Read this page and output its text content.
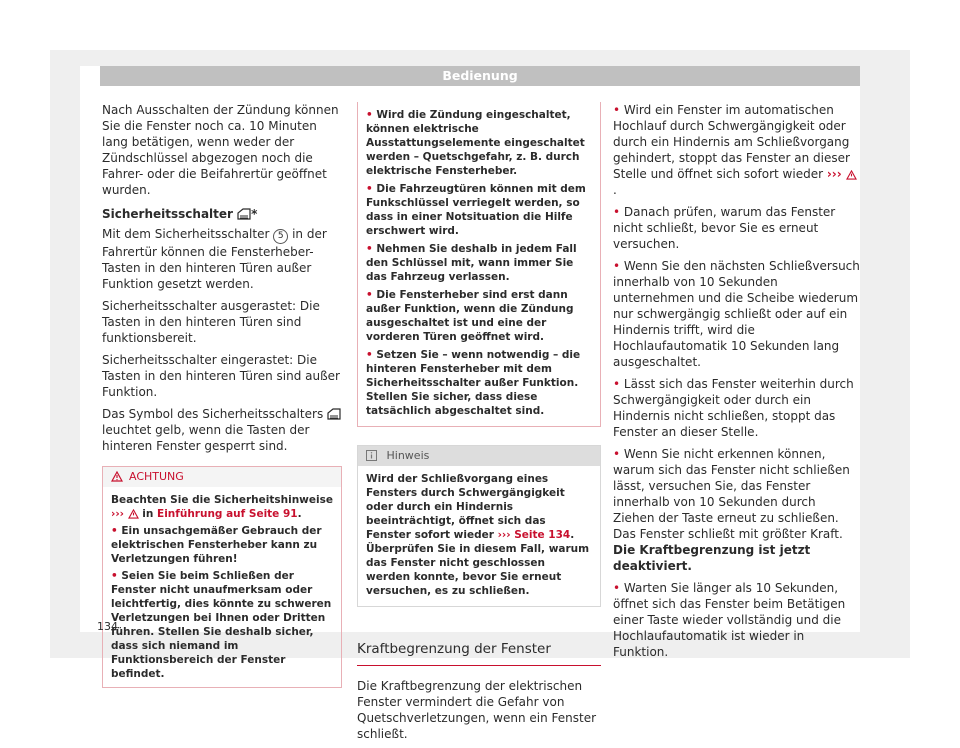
Bedienung

Nach Ausschalten der Zündung können Sie die Fenster noch ca. 10 Minuten lang betätigen, wenn weder der Zündschlüssel abgezogen noch die Fahrer- oder die Beifahrertür geöffnet wurden.

Sicherheitsschalter *

Mit dem Sicherheitsschalter 5 in der Fahrertür können die Fensterheber-Tasten in den hinteren Türen außer Funktion gesetzt werden.

Sicherheitsschalter ausgerastet: Die Tasten in den hinteren Türen sind funktionsbereit.

Sicherheitsschalter eingerastet: Die Tasten in den hinteren Türen sind außer Funktion.

Das Symbol des Sicherheitsschalters  leuchtet gelb, wenn die Tasten der hinteren Fenster gesperrt sind.

ACHTUNG
Beachten Sie die Sicherheitshinweise ››› in Einführung auf Seite 91.
• Ein unsachgemäßer Gebrauch der elektrischen Fensterheber kann zu Verletzungen führen!
• Seien Sie beim Schließen der Fenster nicht unaufmerksam oder leichtfertig, dies könnte zu schweren Verletzungen bei Ihnen oder Dritten führen. Stellen Sie deshalb sicher, dass sich niemand im Funktionsbereich der Fenster befindet.
• Wird die Zündung eingeschaltet, können elektrische Ausstattungselemente eingeschaltet werden – Quetschgefahr, z. B. durch elektrische Fensterheber.
• Die Fahrzeugtüren können mit dem Funkschlüssel verriegelt werden, so dass in einer Notsituation die Hilfe erschwert wird.
• Nehmen Sie deshalb in jedem Fall den Schlüssel mit, wann immer Sie das Fahrzeug verlassen.
• Die Fensterheber sind erst dann außer Funktion, wenn die Zündung ausgeschaltet ist und eine der vorderen Türen geöffnet wird.
• Setzen Sie – wenn notwendig – die hinteren Fensterheber mit dem Sicherheitsschalter außer Funktion. Stellen Sie sicher, dass diese tatsächlich abgeschaltet sind.
Hinweis
Wird der Schließvorgang eines Fensters durch Schwergängigkeit oder durch ein Hindernis beeinträchtigt, öffnet sich das Fenster sofort wieder ››› Seite 134. Überprüfen Sie in diesem Fall, warum das Fenster nicht geschlossen werden konnte, bevor Sie erneut versuchen, es zu schließen.
Kraftbegrenzung der Fenster

Die Kraftbegrenzung der elektrischen Fenster vermindert die Gefahr von Quetschverletzungen, wenn ein Fenster schließt.

• Wird ein Fenster im automatischen Hochlauf durch Schwergängigkeit oder durch ein Hindernis am Schließvorgang gehindert, stoppt das Fenster an dieser Stelle und öffnet sich sofort wieder ››› .

• Danach prüfen, warum das Fenster nicht schließt, bevor Sie es erneut versuchen.

• Wenn Sie den nächsten Schließversuch innerhalb von 10 Sekunden unternehmen und die Scheibe wiederum nur schwergängig schließt oder auf ein Hindernis trifft, wird die Hochlaufautomatik 10 Sekunden lang ausgeschaltet.

• Lässt sich das Fenster weiterhin durch Schwergängigkeit oder durch ein Hindernis nicht schließen, stoppt das Fenster an dieser Stelle.

• Wenn Sie nicht erkennen können, warum sich das Fenster nicht schließen lässt, versuchen Sie, das Fenster innerhalb von 10 Sekunden durch Ziehen der Taste erneut zu schließen. Das Fenster schließt mit größter Kraft. Die Kraftbegrenzung ist jetzt deaktiviert.

• Warten Sie länger als 10 Sekunden, öffnet sich das Fenster beim Betätigen einer Taste wieder vollständig und die Hochlaufautomatik ist wieder in Funktion.

134
